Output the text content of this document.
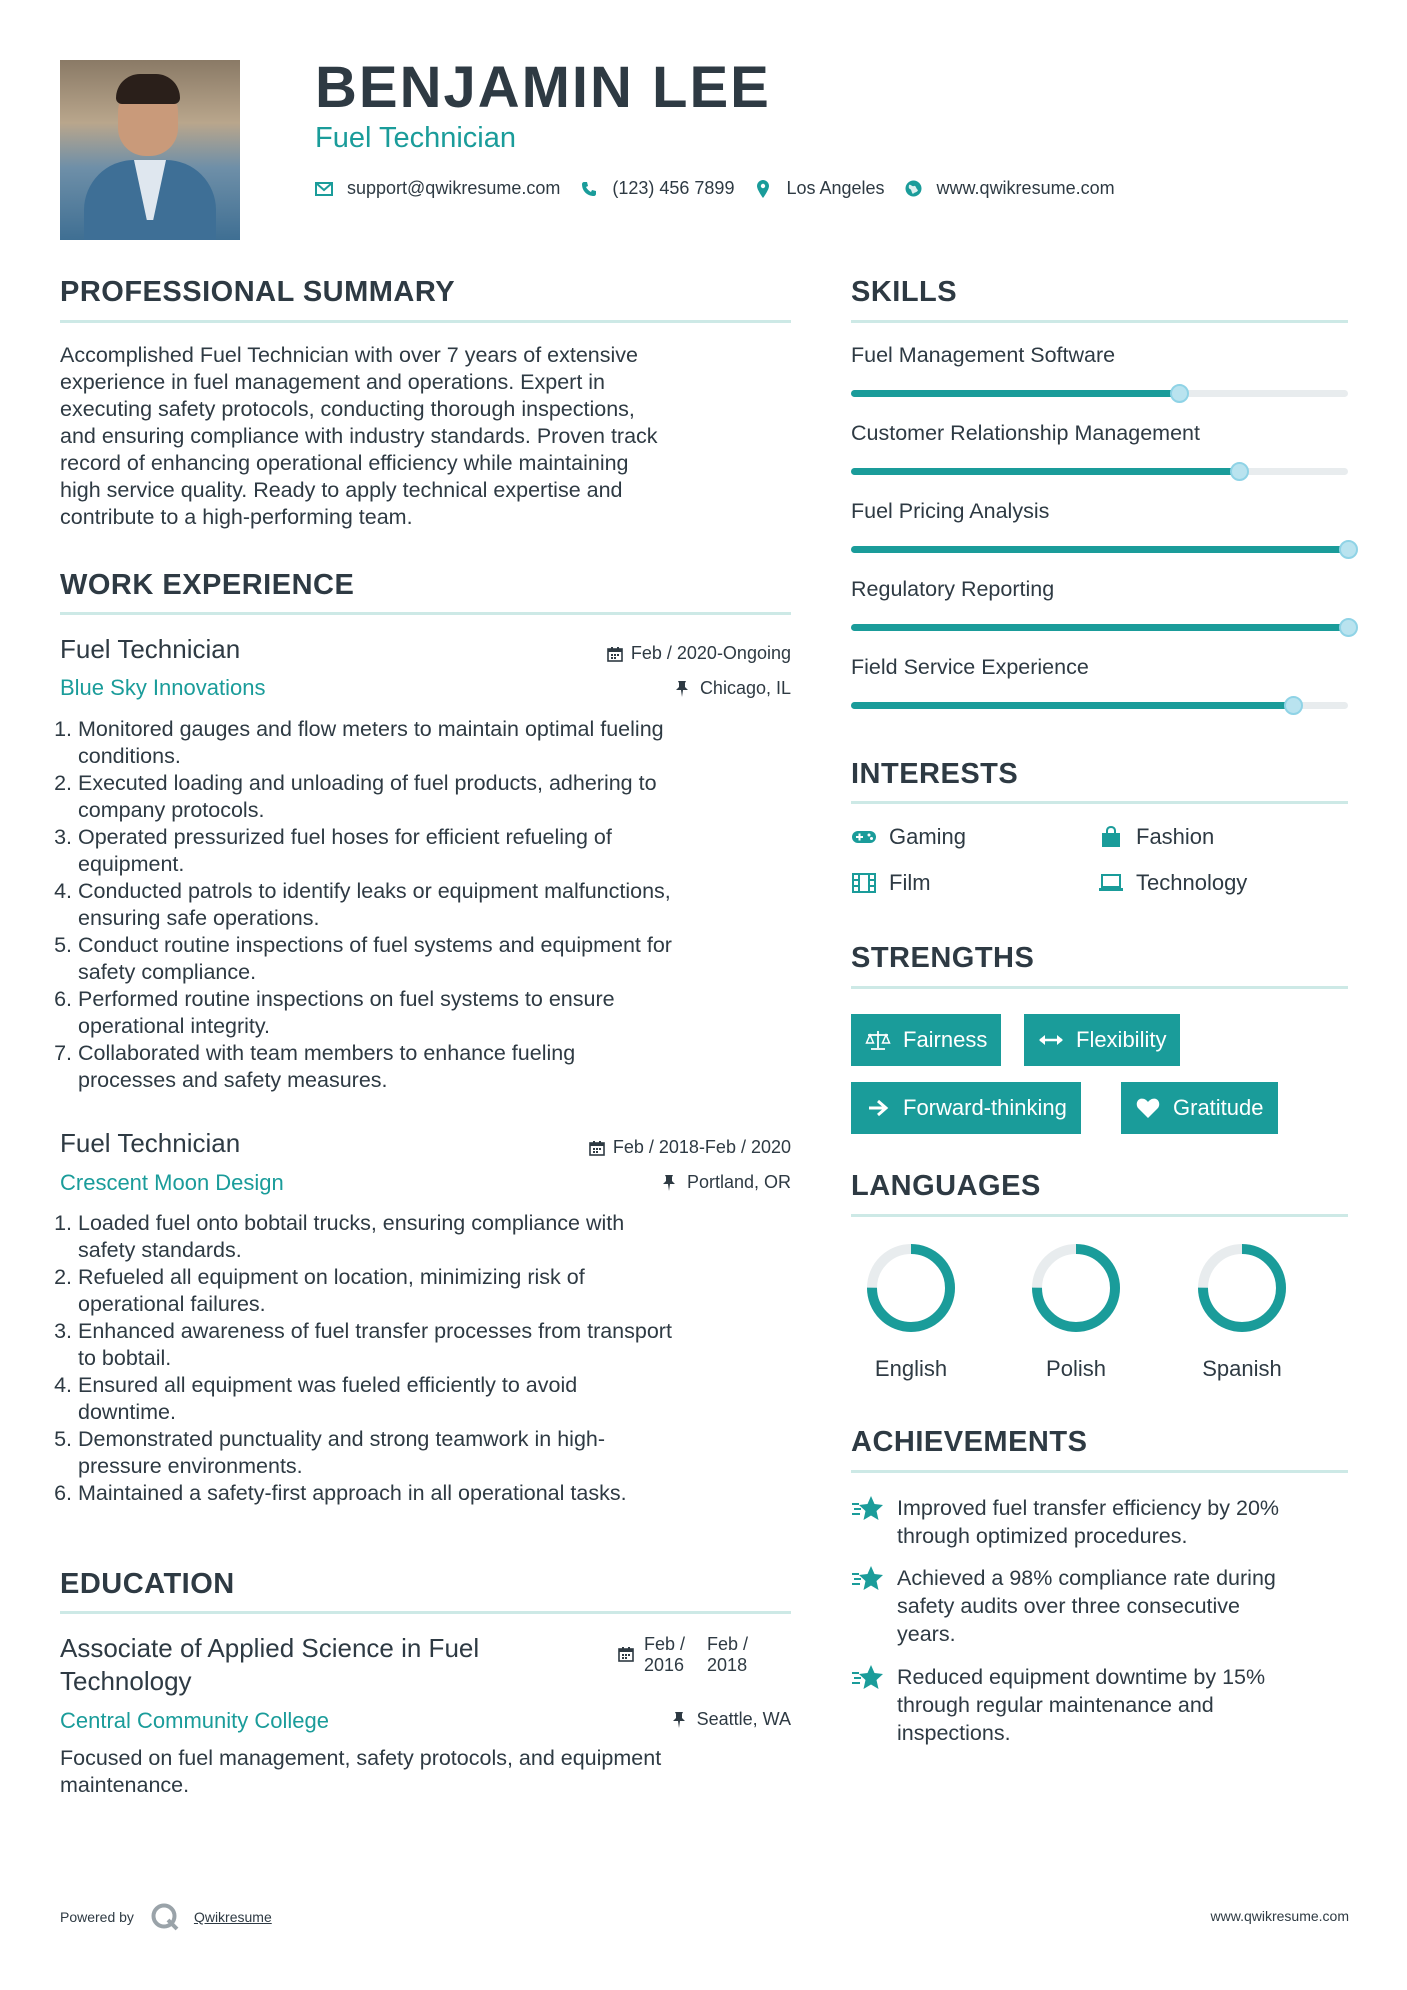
BENJAMIN LEE
Fuel Technician
support@qwikresume.com	(123) 456 7899	Los Angeles	www.qwikresume.com
PROFESSIONAL SUMMARY
Accomplished Fuel Technician with over 7 years of extensive
experience in fuel management and operations. Expert in
executing safety protocols, conducting thorough inspections,
and ensuring compliance with industry standards. Proven track
record of enhancing operational efficiency while maintaining
high service quality. Ready to apply technical expertise and
contribute to a high-performing team.
WORK EXPERIENCE
Fuel Technician	Feb / 2020-Ongoing
Blue Sky Innovations	Chicago, IL
1. Monitored gauges and flow meters to maintain optimal fueling
conditions.
2. Executed loading and unloading of fuel products, adhering to
company protocols.
3. Operated pressurized fuel hoses for efficient refueling of
equipment.
4. Conducted patrols to identify leaks or equipment malfunctions,
ensuring safe operations.
5. Conduct routine inspections of fuel systems and equipment for
safety compliance.
6. Performed routine inspections on fuel systems to ensure
operational integrity.
7. Collaborated with team members to enhance fueling
processes and safety measures.
Fuel Technician	Feb / 2018-Feb / 2020
Crescent Moon Design	Portland, OR
1. Loaded fuel onto bobtail trucks, ensuring compliance with
safety standards.
2. Refueled all equipment on location, minimizing risk of
operational failures.
3. Enhanced awareness of fuel transfer processes from transport
to bobtail.
4. Ensured all equipment was fueled efficiently to avoid
downtime.
5. Demonstrated punctuality and strong teamwork in high-
pressure environments.
6. Maintained a safety-first approach in all operational tasks.
EDUCATION
Associate of Applied Science in Fuel
Technology
Feb /
2016
Feb /
2018
Central Community College	Seattle, WA
Focused on fuel management, safety protocols, and equipment
maintenance.
SKILLS
Fuel Management Software
Customer Relationship Management
Fuel Pricing Analysis
Regulatory Reporting
Field Service Experience
INTERESTS
Gaming	Fashion
Film	Technology
STRENGTHS
Fairness	Flexibility
Forward-thinking	Gratitude
LANGUAGES
English	Polish	Spanish
ACHIEVEMENTS
Improved fuel transfer efficiency by 20%
through optimized procedures.
Achieved a 98% compliance rate during
safety audits over three consecutive
years.
Reduced equipment downtime by 15%
through regular maintenance and
inspections.
Powered by	Qwikresume	www.qwikresume.com
